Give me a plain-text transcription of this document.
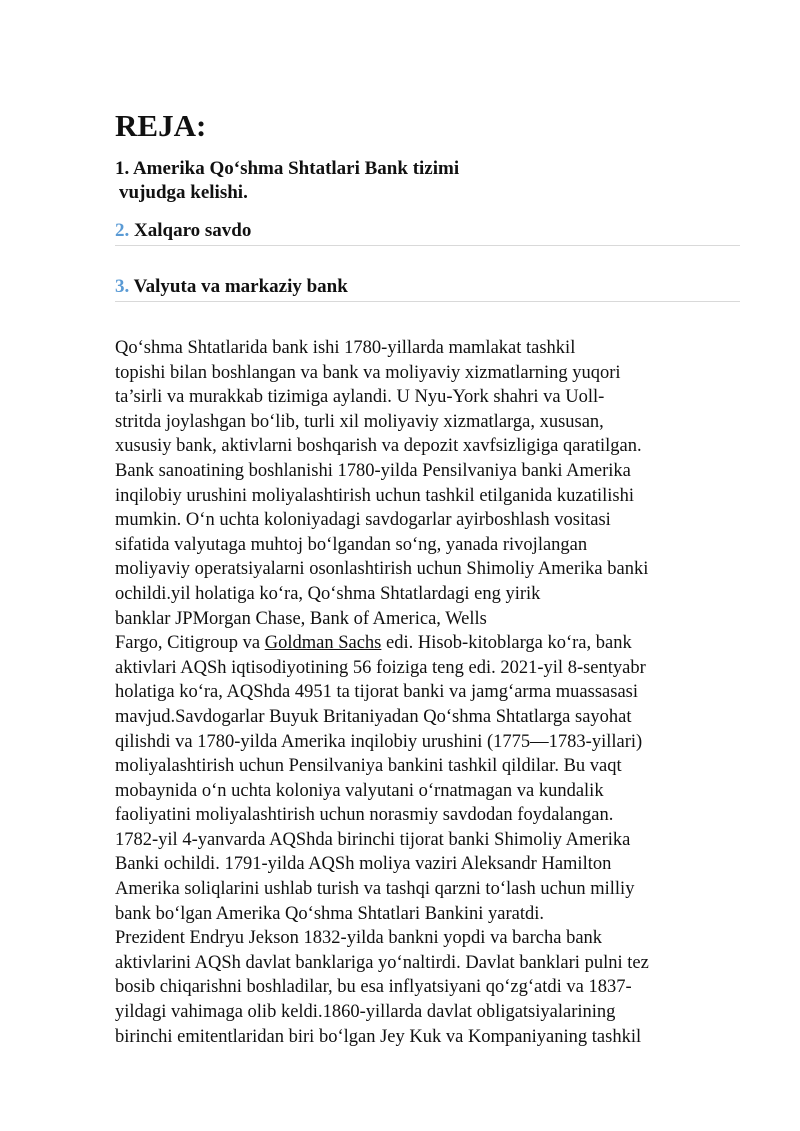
REJA:
1. Amerika Qo‘shma Shtatlari Bank tizimi
vujudga kelishi.
2. Xalqaro savdo
3. Valyuta va markaziy bank
Qo‘shma Shtatlarida bank ishi 1780-yillarda mamlakat tashkil
topishi bilan boshlangan va bank va moliyaviy xizmatlarning yuqori
ta’sirli va murakkab tizimiga aylandi. U Nyu-York shahri va Uoll-
stritda joylashgan bo‘lib, turli xil moliyaviy xizmatlarga, xususan,
xususiy bank, aktivlarni boshqarish va depozit xavfsizligiga qaratilgan.
Bank sanoatining boshlanishi 1780-yilda Pensilvaniya banki Amerika
inqilobiy urushini moliyalashtirish uchun tashkil etilganida kuzatilishi
mumkin. O‘n uchta koloniyadagi savdogarlar ayirboshlash vositasi
sifatida valyutaga muhtoj bo‘lgandan so‘ng, yanada rivojlangan
moliyaviy operatsiyalarni osonlashtirish uchun Shimoliy Amerika banki
ochildi.yil holatiga ko‘ra, Qo‘shma Shtatlardagi eng yirik
banklar JPMorgan Chase, Bank of America, Wells
Fargo, Citigroup va Goldman Sachs edi. Hisob-kitoblarga ko‘ra, bank
aktivlari AQSh iqtisodiyotining 56 foiziga teng edi. 2021-yil 8-sentyabr
holatiga ko‘ra, AQShda 4951 ta tijorat banki va jamg‘arma muassasasi
mavjud.Savdogarlar Buyuk Britaniyadan Qo‘shma Shtatlarga sayohat
qilishdi va 1780-yilda Amerika inqilobiy urushini (1775—1783-yillari)
moliyalashtirish uchun Pensilvaniya bankini tashkil qildilar. Bu vaqt
mobaynida o‘n uchta koloniya valyutani o‘rnatmagan va kundalik
faoliyatini moliyalashtirish uchun norasmiy savdodan foydalangan.
1782-yil 4-yanvarda AQShda birinchi tijorat banki Shimoliy Amerika
Banki ochildi. 1791-yilda AQSh moliya vaziri Aleksandr Hamilton
Amerika soliqlarini ushlab turish va tashqi qarzni to‘lash uchun milliy
bank bo‘lgan Amerika Qo‘shma Shtatlari Bankini yaratdi.
Prezident Endryu Jekson 1832-yilda bankni yopdi va barcha bank
aktivlarini AQSh davlat banklariga yo‘naltirdi. Davlat banklari pulni tez
bosib chiqarishni boshladilar, bu esa inflyatsiyani qo‘zg‘atdi va 1837-
yildagi vahimaga olib keldi.1860-yillarda davlat obligatsiyalarining
birinchi emitentlaridan biri bo‘lgan Jey Kuk va Kompaniyaning tashkil
